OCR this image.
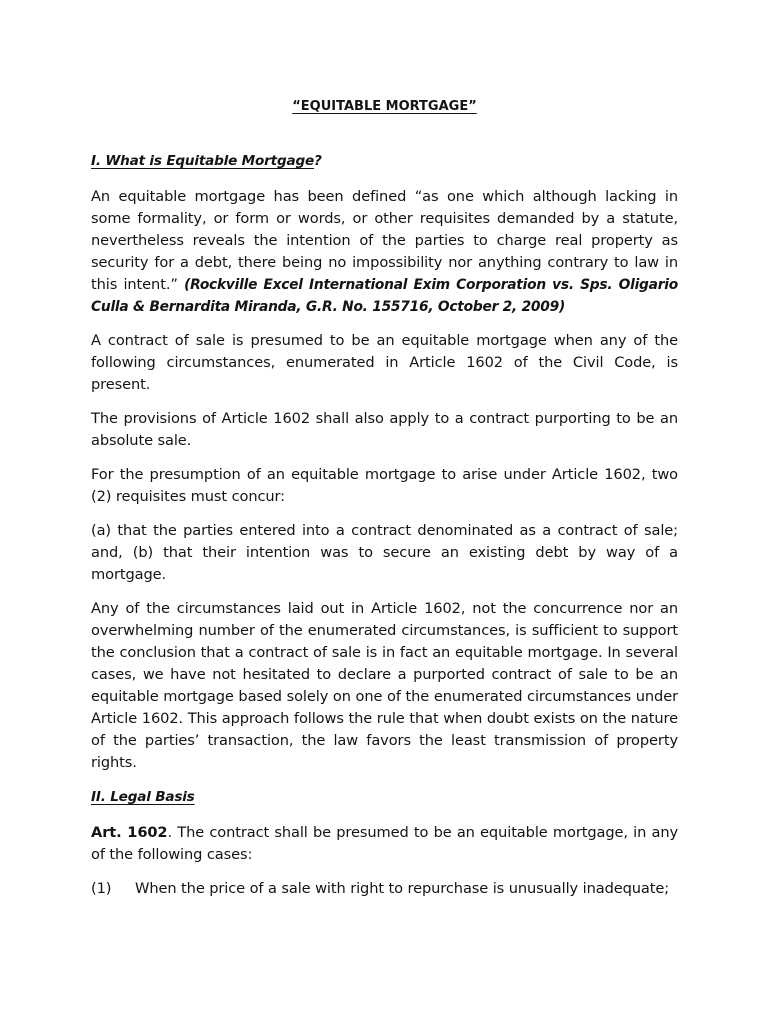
“EQUITABLE MORTGAGE”
I. What is Equitable Mortgage?

An equitable mortgage has been defined “as one which although lacking in some formality, or form or words, or other requisites demanded by a statute, nevertheless reveals the intention of the parties to charge real property as security for a debt, there being no impossibility nor anything contrary to law in this intent.” (Rockville Excel International Exim Corporation vs. Sps. Oligario Culla & Bernardita Miranda, G.R. No. 155716, October 2, 2009)

A contract of sale is presumed to be an equitable mortgage when any of the following circumstances, enumerated in Article 1602 of the Civil Code, is present.

The provisions of Article 1602 shall also apply to a contract purporting to be an absolute sale.

For the presumption of an equitable mortgage to arise under Article 1602, two (2) requisites must concur:

(a) that the parties entered into a contract denominated as a contract of sale; and, (b) that their intention was to secure an existing debt by way of a mortgage.

Any of the circumstances laid out in Article 1602, not the concurrence nor an overwhelming number of the enumerated circumstances, is sufficient to support the conclusion that a contract of sale is in fact an equitable mortgage. In several cases, we have not hesitated to declare a purported contract of sale to be an equitable mortgage based solely on one of the enumerated circumstances under Article 1602. This approach follows the rule that when doubt exists on the nature of the parties’ transaction, the law favors the least transmission of property rights.

II. Legal Basis

Art. 1602. The contract shall be presumed to be an equitable mortgage, in any of the following cases:

(1)	When the price of a sale with right to repurchase is unusually inadequate;
